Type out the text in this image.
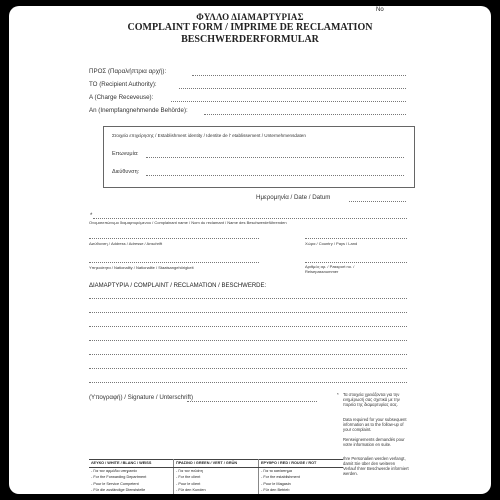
No
ΦΥΛΛΟ ΔΙΑΜΑΡΤΥΡΙΑΣ
COMPLAINT FORM / IMPRIME DE RECLAMATION
BESCHWERDERFORMULAR
ΠΡΟΣ (Παραλήπτρια αρχή):
TO (Recipient Authority):
A (Charge Receveuse):
An (Inempfangnehmende Behörde):
Στοιχεία επιχείρησης / Establishment identity / Identite de l' etablissement / Unternehmensdaten
Επωνυμία:
Διεύθυνση:
Ημερομηνία / Date / Datum
*
Ονοματεπώνυμο διαμαρτυρόμενου / Complainant name / Nom du reclamant / Name des Beschwerdeführenden
Διεύθυνση / Address / Adresse / Anschrift	Χώρα / Country / Pays / Land
Υπηκοότητα / Nationality / Nationalite / Staatsangehörigkeit	Αριθμός αρ. / Passport no. /
Reisepassnummer
ΔΙΑΜΑΡΤΥΡΙΑ / COMPLAINT / RECLAMATION / BESCHWERDE:
(Υπογραφή) / Signature / Unterschrift)	* Τα στοιχεία χρειάζονται για την ενημέρωσή σας σχετικά με την πορεία της διαμαρτυρίας σας.
Data required for your subsequent information as to the follow-up of your complaint.
Renseignements demandés pour votre information en suite.
Ihre Personalien werden verlangt, damit Sie über den weiteren Verlauf Ihrer Beschwerde informiert werden.
ΛΕΥΚΟ / WHITE / BLANC / WEISS	ΠΡΑΣΙΝΟ / GREEN / VERT / GRÜN	ΕΡΥΘΡΟ / RED / ROUGE / ROT
- Για τον αρμόδιο υπηρεσία	- Για τον πελάτη	- Για το κατάστημα
- For the Forwarding Department	- For the client	- For the establishment
- Pour le Service Competent	- Pour le client	- Pour le Magasin
- Für die zuständige Dienststelle	- Für den Kunden	- Für den Betrieb
